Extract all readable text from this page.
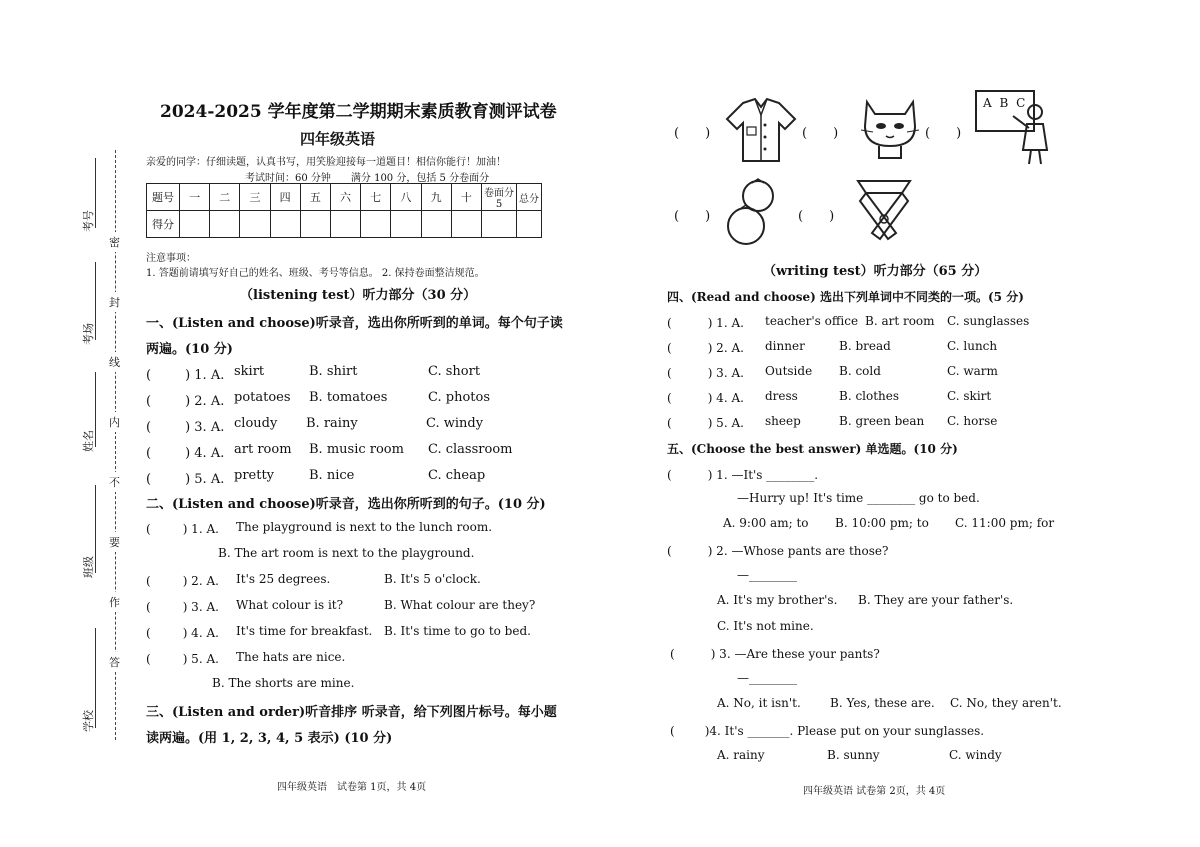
密
封
线
内
不
要
作
答
考号
考场
姓名
班级
学校
2024-2025 学年度第二学期期末素质教育测评试卷
四年级英语
亲爱的同学：仔细读题，认真书写，用笑脸迎接每一道题目！相信你能行！加油！
考试时间：60 分钟　　满分 100 分，包括 5 分卷面分
题号	一	二	三	四	五	六	七	八	九	十	卷面分5	总分
得分												
注意事项：
1. 答题前请填写好自己的姓名、班级、考号等信息。 2. 保持卷面整洁规范。
（listening test）听力部分（30 分）
一、(Listen and choose)听录音，选出你所听到的单词。每个句子读
两遍。(10 分)
(　　) 1. A. skirt	B. shirt	C. short
(　　) 2. A. potatoes B. tomatoes	C. photos
(　　) 3. A. cloudy B. rainy	C. windy
(　　) 4. A. art room B. music room C. classroom
(　　) 5. A. pretty	B. nice	C. cheap
二、(Listen and choose)听录音，选出你所听到的句子。(10 分)
(　　) 1. A. The playground is next to the lunch room.
B. The art room is next to the playground.
(　　) 2. A. It's 25 degrees.	B. It's 5 o'clock.
(　　) 3. A. What colour is it?	B. What colour are they?
(　　) 4. A. It's time for breakfast. B. It's time to go to bed.
(　　) 5. A. The hats are nice.
B. The shorts are mine.
三、(Listen and order)听音排序 听录音，给下列图片标号。每小题
读两遍。(用 1, 2, 3, 4, 5 表示) (10 分)
四年级英语　试卷第 1页，共 4页
(　　)	(　　)	(　　)
A B C
(　　)	(　　)
（writing test）听力部分（65 分）
四、(Read and choose) 选出下列单词中不同类的一项。(5 分)
(　　) 1. A. teacher's office B. art room C. sunglasses
(　　) 2. A. dinner	B. bread	C. lunch
(　　) 3. A. Outside B. cold	C. warm
(　　) 4. A. dress	B. clothes	C. skirt
(　　) 5. A. sheep	B. green bean C. horse
五、(Choose the best answer) 单选题。(10 分)
(　　) 1. —It's ________.
—Hurry up! It's time ________ go to bed.
A. 9:00 am; to B. 10:00 pm; to C. 11:00 pm; for
(　　) 2. —Whose pants are those?
—________
A. It's my brother's. B. They are your father's.
C. It's not mine.
(　　) 3. —Are these your pants?
—________
A. No, it isn't. B. Yes, these are. C. No, they aren't.
(　　)4. It's _______. Please put on your sunglasses.
A. rainy	B. sunny	C. windy
四年级英语 试卷第 2页，共 4页
